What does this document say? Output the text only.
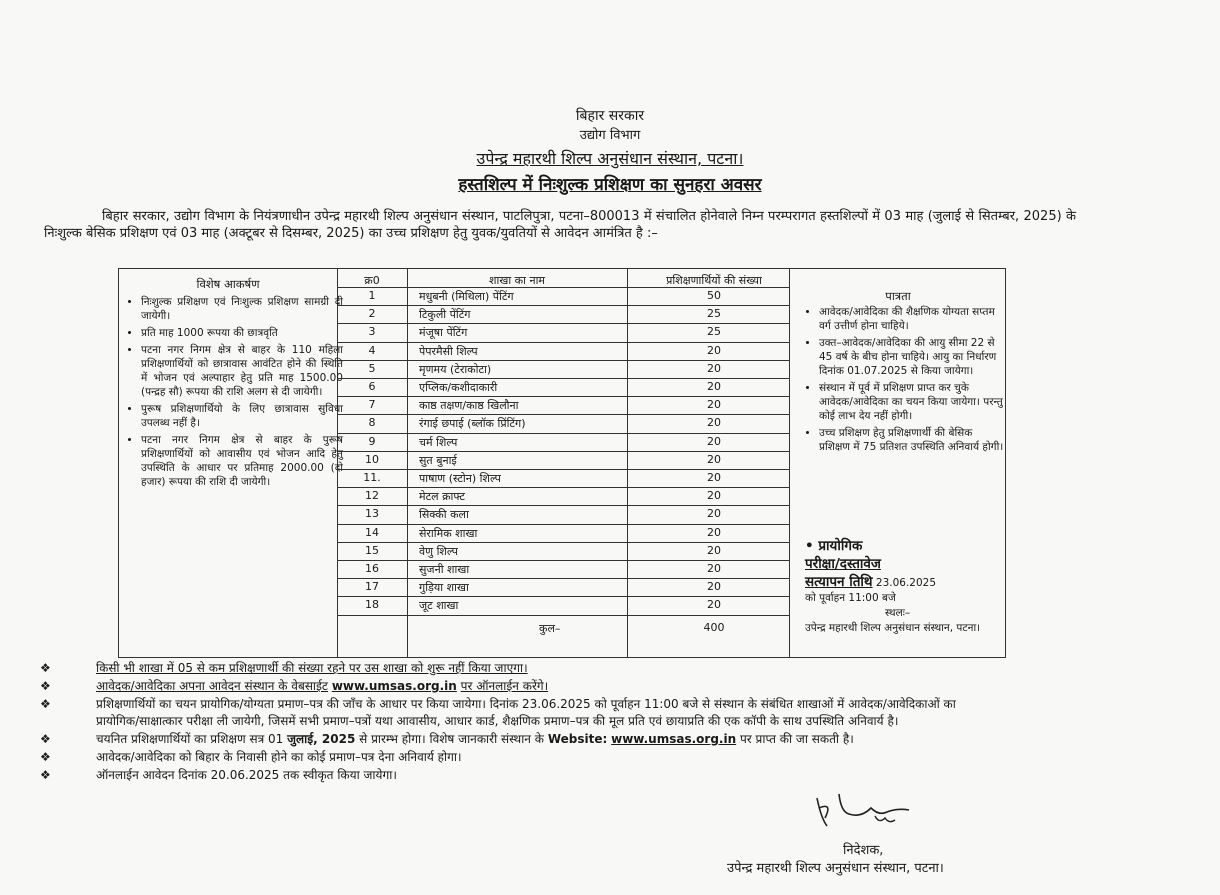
बिहार सरकार
उद्योग विभाग
उपेन्द्र महारथी शिल्प अनुसंधान संस्थान, पटना।
हस्तशिल्प में निःशुल्क प्रशिक्षण का सुनहरा अवसर
बिहार सरकार, उद्योग विभाग के नियंत्रणाधीन उपेन्द्र महारथी शिल्प अनुसंधान संस्थान, पाटलिपुत्रा, पटना–800013 में संचालित होनेवाले निम्न परम्परागत हस्तशिल्पों में 03 माह (जुलाई से सितम्बर, 2025) के निःशुल्क बेसिक प्रशिक्षण एवं 03 माह (अक्टूबर से दिसम्बर, 2025) का उच्च प्रशिक्षण हेतु युवक/युवतियों से आवेदन आमंत्रित है :–
विशेष आकर्षण
• निःशुल्क प्रशिक्षण एवं निःशुल्क प्रशिक्षण सामग्री दी जायेगी।
• प्रति माह 1000 रूपया की छात्रवृति
• पटना नगर निगम क्षेत्र से बाहर के 110 महिला प्रशिक्षणार्थियों को छात्रावास आवंटित होने की स्थिति में भोजन एवं अल्पाहार हेतु प्रति माह 1500.00 (पन्द्रह सौ) रूपया की राशि अलग से दी जायेगी।
• पुरूष प्रशिक्षणार्थियो के लिए छात्रावास सुविधा उपलब्ध नहीं है।
• पटना नगर निगम क्षेत्र से बाहर के पुरूष प्रशिक्षणार्थियों को आवासीय एवं भोजन आदि हेतु उपस्थिति के आधार पर प्रतिमाह 2000.00 (दो हजार) रूपया की राशि दी जायेगी।
क्र0	शाखा का नाम	प्रशिक्षणार्थियों की संख्या
1	मधुबनी (मिथिला) पेंटिंग	50
2	टिकुली पेंटिंग	25
3	मंजूषा पेंटिंग	25
4	पेपरमैसी शिल्प	20
5	मृणमय (टेराकोटा)	20
6	एप्लिक/कशीदाकारी	20
7	काष्ठ तक्षण/काष्ठ खिलौना	20
8	रंगाई छपाई (ब्लॉक प्रिंटिंग)	20
9	चर्म शिल्प	20
10	सुत बुनाई	20
11.	पाषाण (स्टोन) शिल्प	20
12	मेटल क्राफ्ट	20
13	सिक्की कला	20
14	सेरामिक शाखा	20
15	वेणु शिल्प	20
16	सुजनी शाखा	20
17	गुड़िया शाखा	20
18	जूट शाखा	20
कुल–	400
पात्रता
• आवेदक/आवेदिका की शैक्षणिक योग्यता सप्तम वर्ग उत्तीर्ण होना चाहिये।
• उक्त–आवेदक/आवेदिका की आयु सीमा 22 से 45 वर्ष के बीच होना चाहिये। आयु का निर्धारण दिनांक 01.07.2025 से किया जायेगा।
• संस्थान में पूर्व में प्रशिक्षण प्राप्त कर चुके आवेदक/आवेदिका का चयन किया जायेगा। परन्तु कोई लाभ देय नहीं होगी।
• उच्च प्रशिक्षण हेतु प्रशिक्षणार्थी की बेसिक प्रशिक्षण में 75 प्रतिशत उपस्थिति अनिवार्य होगी।
• प्रायोगिक
परीक्षा/दस्तावेज
सत्यापन तिथि 23.06.2025
को पूर्वाहन 11:00 बजे
स्थलः–
उपेन्द्र महारथी शिल्प अनुसंधान संस्थान, पटना।
❖	किसी भी शाखा में 05 से कम प्रशिक्षणार्थी की संख्या रहने पर उस शाखा को शुरू नहीं किया जाएगा।
❖	आवेदक/आवेदिका अपना आवेदन संस्थान के वेबसाईट www.umsas.org.in पर ऑनलाईन करेंगे।
❖	प्रशिक्षणार्थियों का चयन प्रायोगिक/योग्यता प्रमाण–पत्र की जाँच के आधार पर किया जायेगा। दिनांक 23.06.2025 को पूर्वाहन 11:00 बजे से संस्थान के संबंधित शाखाओं में आवेदक/आवेदिकाओं का प्रायोगिक/साक्षात्कार परीक्षा ली जायेगी, जिसमें सभी प्रमाण–पत्रों यथा आवासीय, आधार कार्ड, शैक्षणिक प्रमाण–पत्र की मूल प्रति एवं छायाप्रति की एक कॉपी के साथ उपस्थिति अनिवार्य है।
❖	चयनित प्रशिक्षणार्थियों का प्रशिक्षण सत्र 01 जुलाई, 2025 से प्रारम्भ होगा। विशेष जानकारी संस्थान के Website: www.umsas.org.in पर प्राप्त की जा सकती है।
❖	आवेदक/आवेदिका को बिहार के निवासी होने का कोई प्रमाण–पत्र देना अनिवार्य होगा।
❖	ऑनलाईन आवेदन दिनांक 20.06.2025 तक स्वीकृत किया जायेगा।
निदेशक,
उपेन्द्र महारथी शिल्प अनुसंधान संस्थान, पटना।
